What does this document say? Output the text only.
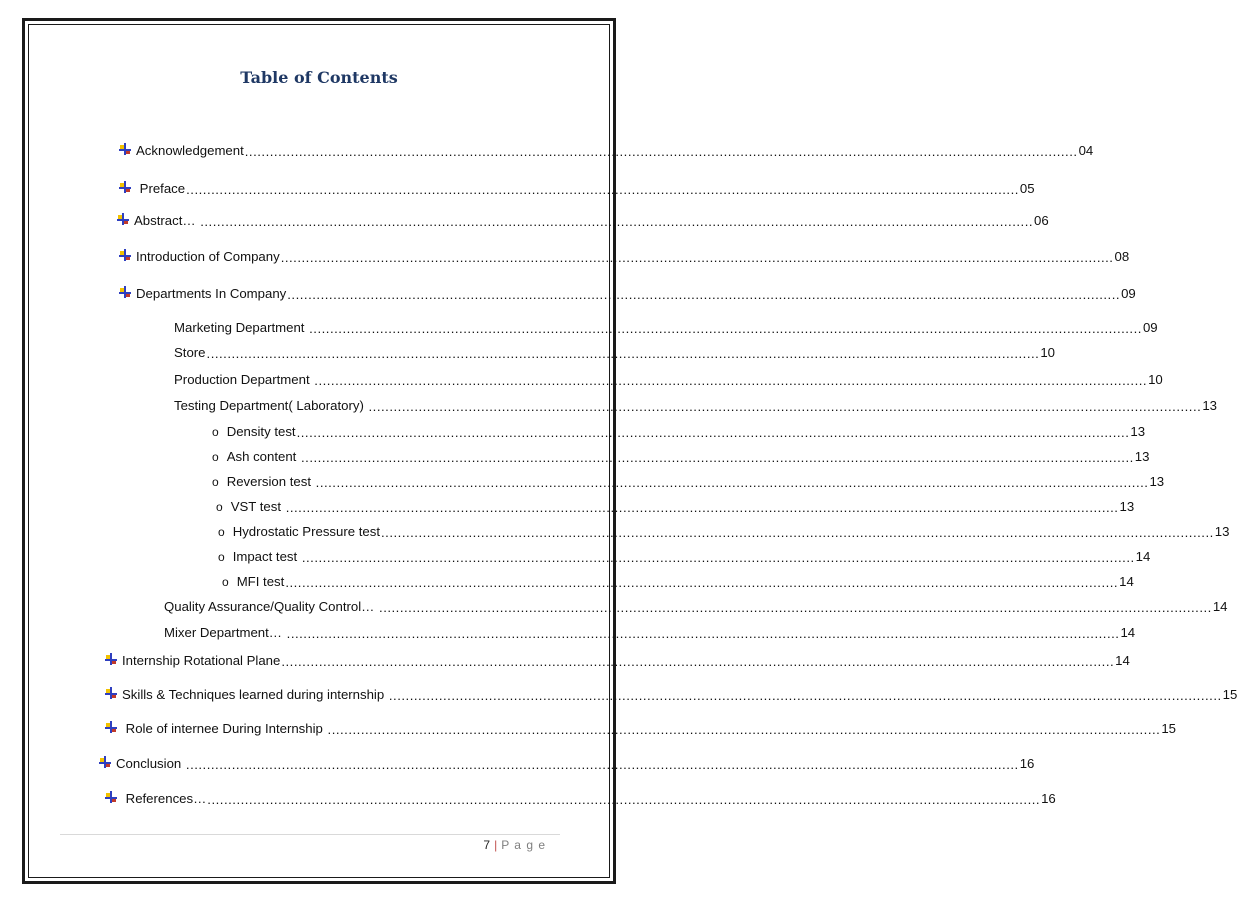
Table of Contents
Acknowledgement ........................................................................................................................................................................................................ 04
Preface ........................................................................................................................................................................................................ 05
Abstract… ........................................................................................................................................................................................................ 06
Introduction of Company ........................................................................................................................................................................................................ 08
Departments In Company ........................................................................................................................................................................................................ 09
Marketing Department ........................................................................................................................................................................................................ 09
Store ........................................................................................................................................................................................................ 10
Production Department ........................................................................................................................................................................................................ 10
Testing Department( Laboratory) ........................................................................................................................................................................................................ 13
o Density test ........................................................................................................................................................................................................ 13
o Ash content ........................................................................................................................................................................................................ 13
o Reversion test ........................................................................................................................................................................................................ 13
o VST test ........................................................................................................................................................................................................ 13
o Hydrostatic Pressure test ........................................................................................................................................................................................................ 13
o Impact test ........................................................................................................................................................................................................ 14
o MFI test ........................................................................................................................................................................................................ 14
Quality Assurance/Quality Control… ........................................................................................................................................................................................................ 14
Mixer Department… ........................................................................................................................................................................................................ 14
Internship Rotational Plane ........................................................................................................................................................................................................ 14
Skills & Techniques learned during internship ........................................................................................................................................................................................................ 15
Role of internee During Internship ........................................................................................................................................................................................................ 15
Conclusion ........................................................................................................................................................................................................ 16
References… ........................................................................................................................................................................................................ 16
7 | P a g e
